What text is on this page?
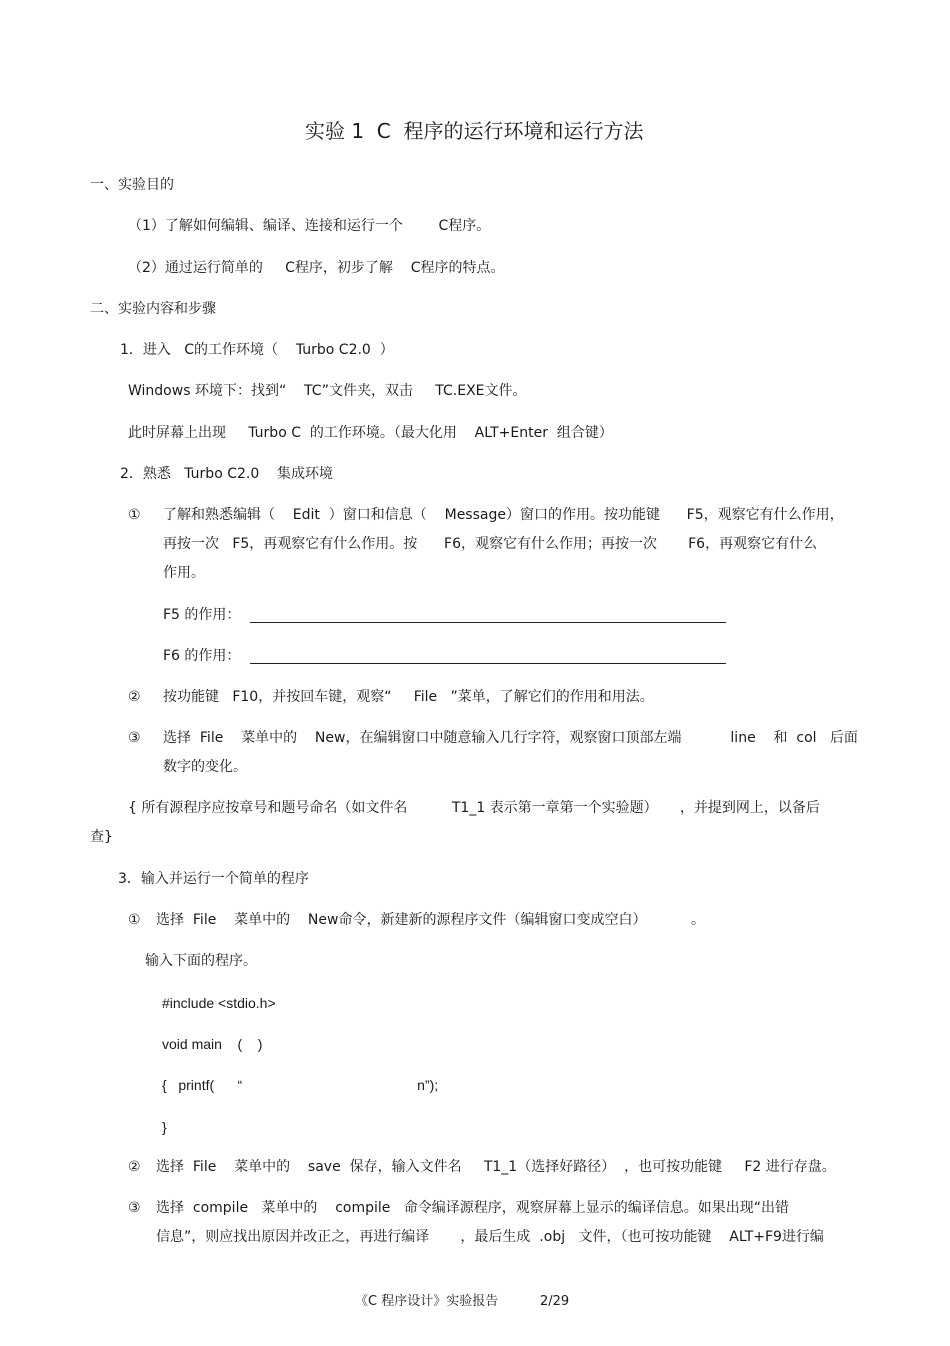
实验 1  C  程序的运行环境和运行方法
一、实验目的
（1）了解如何编辑、编译、连接和运行一个        C程序。
（2）通过运行简单的     C程序，初步了解    C程序的特点。
二、实验内容和步骤
1．进入   C的工作环境（    Turbo C2.0  ）
Windows 环境下：找到“    TC”文件夹，双击     TC.EXE文件。
此时屏幕上出现     Turbo C  的工作环境。（最大化用    ALT+Enter  组合键）
2．熟悉   Turbo C2.0    集成环境
① 了解和熟悉编辑（    Edit  ）窗口和信息（    Message）窗口的作用。按功能键      F5，观察它有什么作用，
再按一次   F5，再观察它有什么作用。按      F6，观察它有什么作用；再按一次       F6，再观察它有什么
作用。
F5 的作用：
F6 的作用：
② 按功能键   F10，并按回车键，观察“     File   ”菜单，了解它们的作用和用法。
③ 选择  File    菜单中的    New，在编辑窗口中随意输入几行字符，观察窗口顶部左端           line    和  col   后面
数字的变化。
{ 所有源程序应按章号和题号命名（如文件名          T1_1 表示第一章第一个实验题）     ，并提到网上，以备后
查}
3．输入并运行一个简单的程序
① 选择  File    菜单中的    New命令，新建新的源程序文件（编辑窗口变成空白）          。
输入下面的程序。
#include <stdio.h>
void main    (    )
{   printf(      “                                             n”);
}
② 选择  File    菜单中的    save  保存，输入文件名     T1_1（选择好路径）  ，也可按功能键     F2 进行存盘。
③ 选择  compile   菜单中的    compile   命令编译源程序，观察屏幕上显示的编译信息。如果出现“出错
信息”，则应找出原因并改正之，再进行编译       ，最后生成  .obj   文件，（也可按功能键    ALT+F9进行编
《C 程序设计》实验报告	2/29
